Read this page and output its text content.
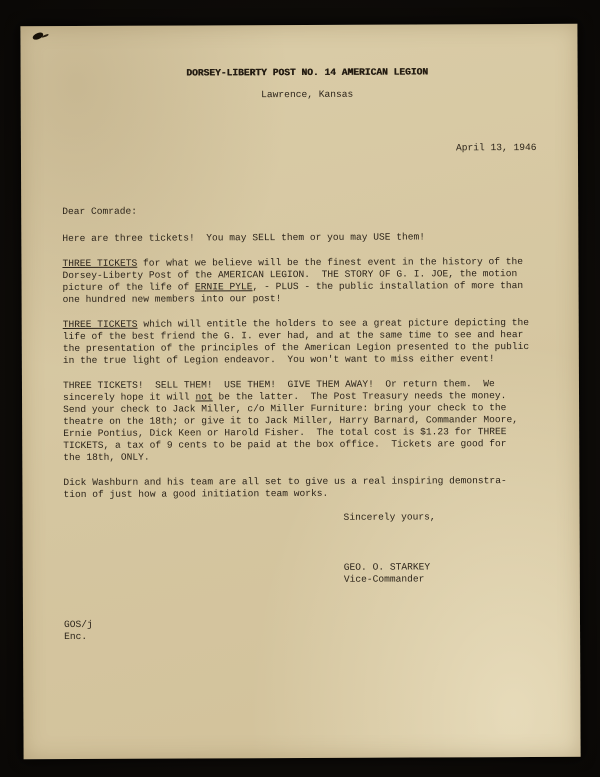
DORSEY-LIBERTY POST NO. 14 AMERICAN LEGION
Lawrence, Kansas
April 13, 1946

Dear Comrade:

Here are three tickets!  You may SELL them or you may USE them!

THREE TICKETS for what we believe will be the finest event in the history of the
Dorsey-Liberty Post of the AMERICAN LEGION.  THE STORY OF G. I. JOE, the motion
picture of the life of ERNIE PYLE, - PLUS - the public installation of more than
one hundred new members into our post!

THREE TICKETS which will entitle the holders to see a great picture depicting the
life of the best friend the G. I. ever had, and at the same time to see and hear
the presentation of the principles of the American Legion presented to the public
in the true light of Legion endeavor.  You won't want to miss either event!

THREE TICKETS!  SELL THEM!  USE THEM!  GIVE THEM AWAY!  Or return them.  We
sincerely hope it will not be the latter.  The Post Treasury needs the money.
Send your check to Jack Miller, c/o Miller Furniture: bring your check to the
theatre on the 18th; or give it to Jack Miller, Harry Barnard, Commander Moore,
Ernie Pontius, Dick Keen or Harold Fisher.  The total cost is $1.23 for THREE
TICKETS, a tax of 9 cents to be paid at the box office.  Tickets are good for
the 18th, ONLY.

Dick Washburn and his team are all set to give us a real inspiring demonstra-
tion of just how a good initiation team works.

Sincerely yours,
GEO. O. STARKEY
Vice-Commander
GOS/j
Enc.
